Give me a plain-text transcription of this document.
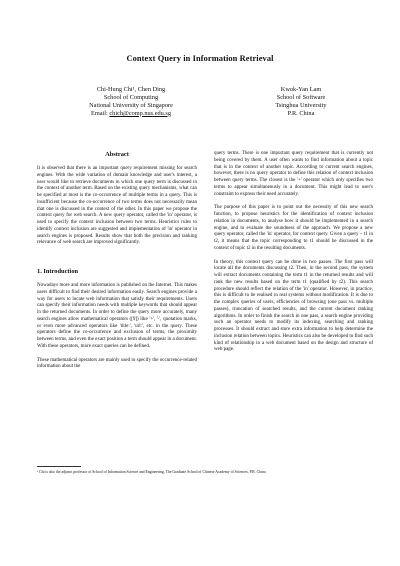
Context Query in Information Retrieval
Chi-Hung Chi¹, Chen Ding
School of Computing
National University of Singapore
Email: chich@comp.nus.edu.sg
Kwok-Yan Lam
School of Software
Tsinghua University
P.R. China
Abstract

It is observed that there is an important query requirement missing for search engines. With the wide variation of domain knowledge and user's interest, a user would like to retrieve documents in which one query term is discussed in the context of another term. Based on the existing query mechanisms, what can be specified at most is the co-occurrence of multiple terms in a query. This is insufficient because the co-occurrence of two terms does not necessarily mean that one is discussed in the context of the other. In this paper we propose the context query for web search. A new query operator, called the 'in' operator, is used to specify the context inclusion between two terms. Heuristics rules to identify context inclusion are suggested and implementation of 'in' operator in search engines is proposed. Results show that both the precision and ranking relevance of web search are improved significantly.

1. Introduction

Nowadays more and more information is published on the Internet. This makes users difficult to find their desired information easily. Search engines provide a way for users to locate web information that satisfy their requirements. Users can specify their information needs with multiple keywords that should appear in the returned documents. In order to define the query more accurately, many search engines allow mathematical operators ([9]) like '+', '-', quotation marks, or even more advanced operators like 'title:', 'url:', etc. in the query. These operators define the co-occurrence and exclusion of terms, the proximity between terms, and even the exact position a term should appear in a document. With these operators, more exact queries can be defined.

These mathematical operators are mainly used to specify the occurrence-related information about the

query terms. There is one important query requirement that is currently not being covered by them. A user often wants to find information about a topic that is in the context of another topic. According to current search engines, however, there is no query operator to define this relation of context inclusion between query terms. The closest is the '+' operator which only specifies two terms to appear simultaneously in a document. This might lead to user's constraint to express their need accurately.

The purpose of this paper is to point out the necessity of this new search function, to propose heuristics for the identification of context inclusion relation in documents, to analyse how it should be implemented in a search engine, and to evaluate the soundness of the approach. We propose a new query operator, called the 'in' operator, for context query. Given a query – t1 in t2, it means that the topic corresponding to t1 should be discussed in the context of topic t2 in the resulting documents.

In theory, this context query can be done in two passes. The first pass will locate all the documents discussing t2. Then, in the second pass, the system will extract documents containing the term t1 in the returned results and will rank the new results based on the term t1 (qualified by t2). This search procedure should reflect the relation of the 'in' operator. However, in practice, this is difficult to be realised in real systems without modification. It is due to the complex queries of users, efficiencies of browsing (one pass vs. multiple passes), truncation of searched results, and the current document ranking algorithms. In order to finish the search in one pass, a search engine providing such an operator needs to modify its indexing, searching and ranking processes. It should extract and store extra information to help determine the inclusion relation between topics. Heuristics can also be developed to find such kind of relationship in a web document based on the design and structure of web page.

¹ Chi is also the adjunct professor of School of Information Science and Engineering, The Graduate School of Chinese Academy of Sciences, P.R. China
